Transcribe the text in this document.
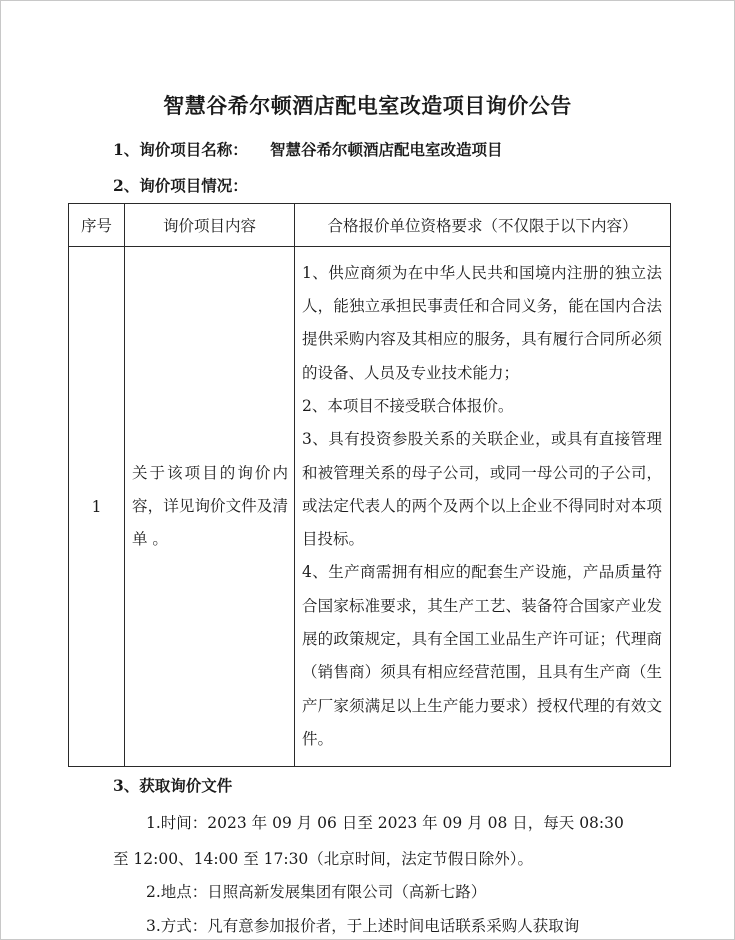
智慧谷希尔顿酒店配电室改造项目询价公告
1、询价项目名称： 智慧谷希尔顿酒店配电室改造项目
2、询价项目情况：
序号	询价项目内容	合格报价单位资格要求（不仅限于以下内容）
1	关于该项目的询价内容，详见询价文件及清单 。	1、供应商须为在中华人民共和国境内注册的独立法人，能独立承担民事责任和合同义务，能在国内合法提供采购内容及其相应的服务，具有履行合同所必须的设备、人员及专业技术能力；

2、本项目不接受联合体报价。

3、具有投资参股关系的关联企业，或具有直接管理和被管理关系的母子公司，或同一母公司的子公司，或法定代表人的两个及两个以上企业不得同时对本项目投标。

4、生产商需拥有相应的配套生产设施，产品质量符合国家标准要求，其生产工艺、装备符合国家产业发展的政策规定，具有全国工业品生产许可证；代理商（销售商）须具有相应经营范围，且具有生产商（生产厂家须满足以上生产能力要求）授权代理的有效文件。

3、获取询价文件
1.时间：2023 年 09 月 06 日至 2023 年 09 月 08 日，每天 08:30
至 12:00、14:00 至 17:30（北京时间，法定节假日除外）。
2.地点：日照高新发展集团有限公司（高新七路）
3.方式：凡有意参加报价者，于上述时间电话联系采购人获取询
